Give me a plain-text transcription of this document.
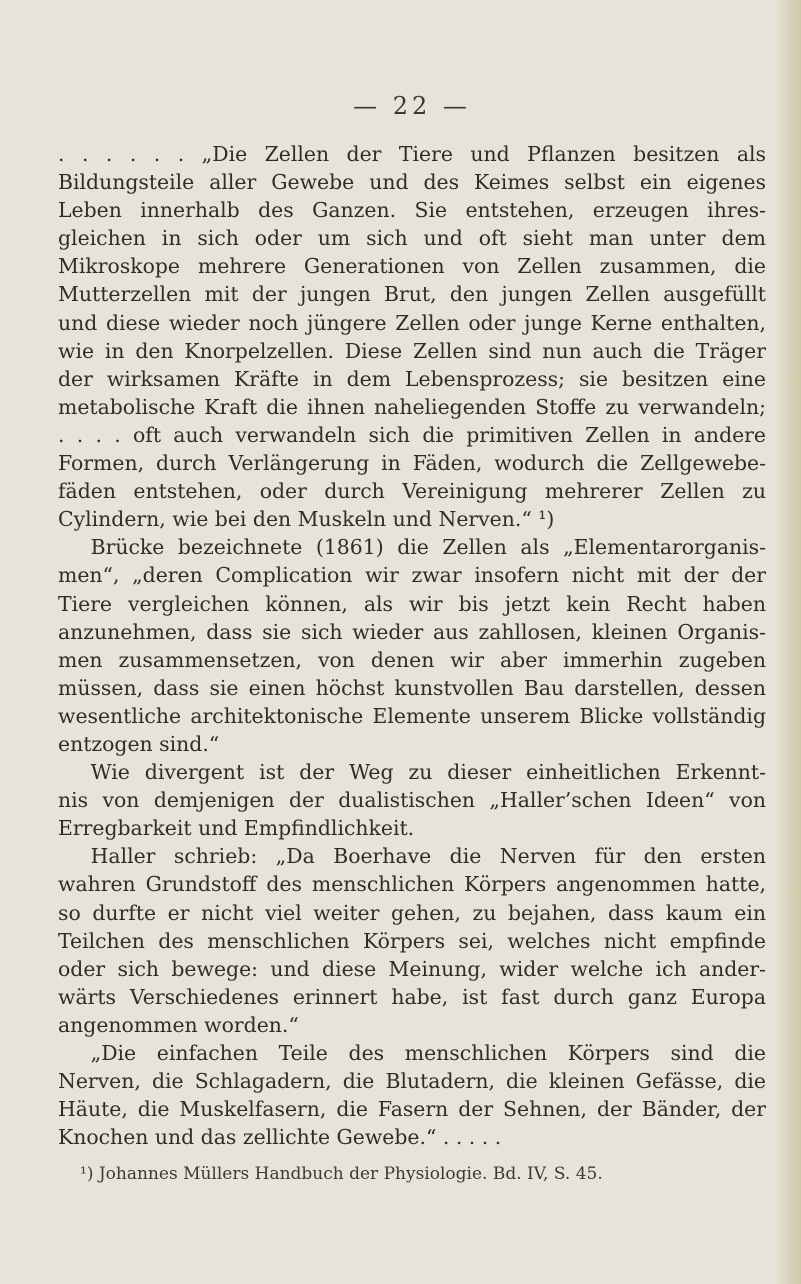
— 22 —
. . . . . . „Die Zellen der Tiere und Pflanzen besitzen als
Bildungsteile aller Gewebe und des Keimes selbst ein eigenes
Leben innerhalb des Ganzen. Sie entstehen, erzeugen ihres-
gleichen in sich oder um sich und oft sieht man unter dem
Mikroskope mehrere Generationen von Zellen zusammen, die
Mutterzellen mit der jungen Brut, den jungen Zellen ausgefüllt
und diese wieder noch jüngere Zellen oder junge Kerne enthalten,
wie in den Knorpelzellen. Diese Zellen sind nun auch die Träger
der wirksamen Kräfte in dem Lebensprozess; sie besitzen eine
metabolische Kraft die ihnen naheliegenden Stoffe zu verwandeln;
. . . . oft auch verwandeln sich die primitiven Zellen in andere
Formen, durch Verlängerung in Fäden, wodurch die Zellgewebe-
fäden entstehen, oder durch Vereinigung mehrerer Zellen zu
Cylindern, wie bei den Muskeln und Nerven.“ ¹)
Brücke bezeichnete (1861) die Zellen als „Elementarorganis-
men“, „deren Complication wir zwar insofern nicht mit der der
Tiere vergleichen können, als wir bis jetzt kein Recht haben
anzunehmen, dass sie sich wieder aus zahllosen, kleinen Organis-
men zusammensetzen, von denen wir aber immerhin zugeben
müssen, dass sie einen höchst kunstvollen Bau darstellen, dessen
wesentliche architektonische Elemente unserem Blicke vollständig
entzogen sind.“
Wie divergent ist der Weg zu dieser einheitlichen Erkennt-
nis von demjenigen der dualistischen „Haller’schen Ideen“ von
Erregbarkeit und Empfindlichkeit.
Haller schrieb: „Da Boerhave die Nerven für den ersten
wahren Grundstoff des menschlichen Körpers angenommen hatte,
so durfte er nicht viel weiter gehen, zu bejahen, dass kaum ein
Teilchen des menschlichen Körpers sei, welches nicht empfinde
oder sich bewege: und diese Meinung, wider welche ich ander-
wärts Verschiedenes erinnert habe, ist fast durch ganz Europa
angenommen worden.“
„Die einfachen Teile des menschlichen Körpers sind die
Nerven, die Schlagadern, die Blutadern, die kleinen Gefässe, die
Häute, die Muskelfasern, die Fasern der Sehnen, der Bänder, der
Knochen und das zellichte Gewebe.“ . . . . .
¹) Johannes Müllers Handbuch der Physiologie. Bd. IV, S. 45.
